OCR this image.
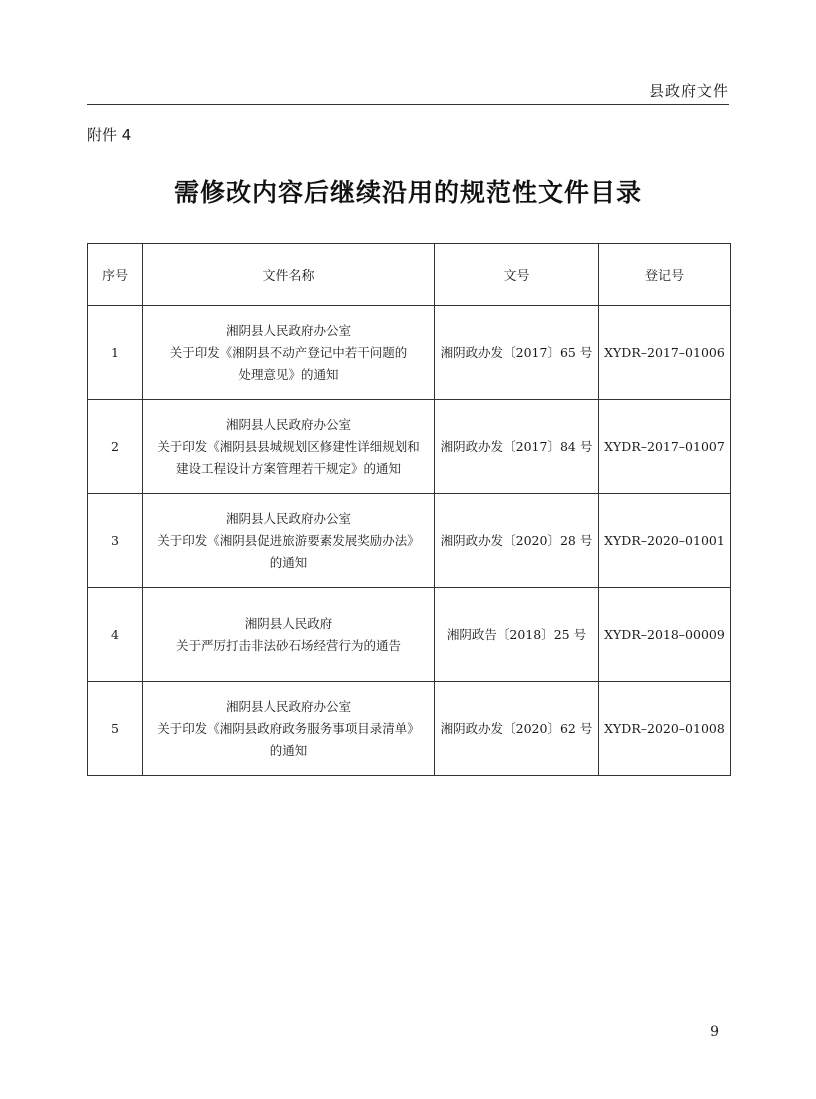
县政府文件
附件 4
需修改内容后继续沿用的规范性文件目录
序号	文件名称	文号	登记号
1	湘阴县人民政府办公室
关于印发《湘阴县不动产登记中若干问题的
处理意见》的通知	湘阴政办发〔2017〕65 号	XYDR–2017–01006
2	湘阴县人民政府办公室
关于印发《湘阴县县城规划区修建性详细规划和
建设工程设计方案管理若干规定》的通知	湘阴政办发〔2017〕84 号	XYDR–2017–01007
3	湘阴县人民政府办公室
关于印发《湘阴县促进旅游要素发展奖励办法》
的通知	湘阴政办发〔2020〕28 号	XYDR–2020–01001
4	湘阴县人民政府
关于严厉打击非法砂石场经营行为的通告	湘阴政告〔2018〕25 号	XYDR–2018–00009
5	湘阴县人民政府办公室
关于印发《湘阴县政府政务服务事项目录清单》
的通知	湘阴政办发〔2020〕62 号	XYDR–2020–01008
9
